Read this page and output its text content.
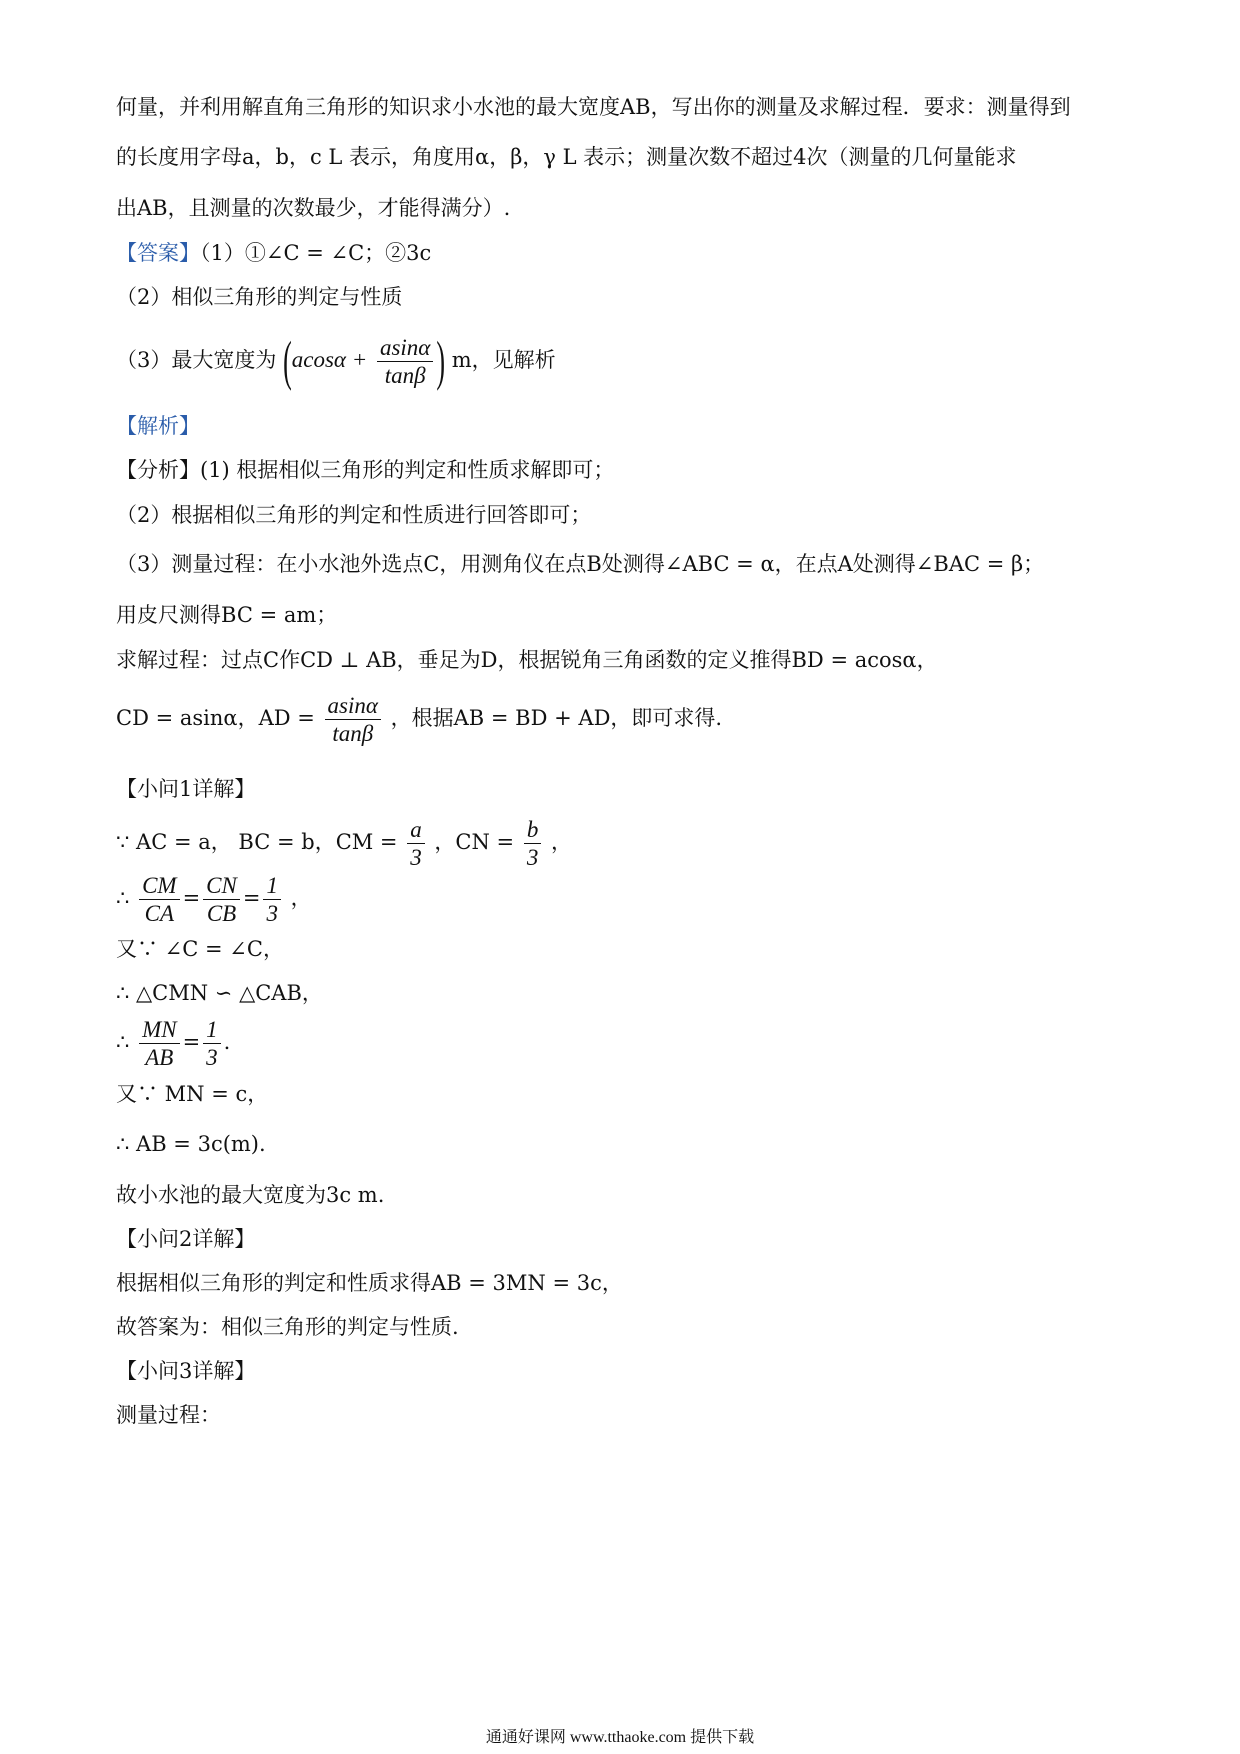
何量，并利用解直角三角形的知识求小水池的最大宽度AB，写出你的测量及求解过程．要求：测量得到
的长度用字母a，b，c L 表示，角度用α，β，γ L 表示；测量次数不超过4次（测量的几何量能求
出AB，且测量的次数最少，才能得满分）.
【答案】（1）①∠C = ∠C；②3c
（2）相似三角形的判定与性质
（3）最大宽度为 ($acos\alpha + \frac{asin\alpha}{\tan\beta}$ ) m，见解析
【解析】
【分析】(1) 根据相似三角形的判定和性质求解即可；
（2）根据相似三角形的判定和性质进行回答即可；
（3）测量过程：在小水池外选点C，用测角仪在点B处测得∠ABC = α，在点A处测得∠BAC = β；
用皮尺测得BC = am；
求解过程：过点C作CD ⊥ AB，垂足为D，根据锐角三角函数的定义推得BD = acosα，
CD = asinα，AD = $\frac{asin\alpha}{\tan\beta}$ ，根据AB = BD + AD，即可求得.
【小问1详解】
∵ AC = a， BC = b，CM = $\frac{a}{3}$ ，CN = $\frac{b}{3}$ ，
∴ $\frac{CM}{CA} = \frac{CN}{CB} = \frac{1}{3}$ ，
又∵ ∠C = ∠C，
∴ △CMN ∽ △CAB，
∴ $\frac{MN}{AB} = \frac{1}{3}$ .
又∵ MN = c，
∴ AB = 3c(m).
故小水池的最大宽度为3c m.
【小问2详解】
根据相似三角形的判定和性质求得AB = 3MN = 3c，
故答案为：相似三角形的判定与性质.
【小问3详解】
测量过程：
通通好课网 www.tthaoke.com 提供下载
